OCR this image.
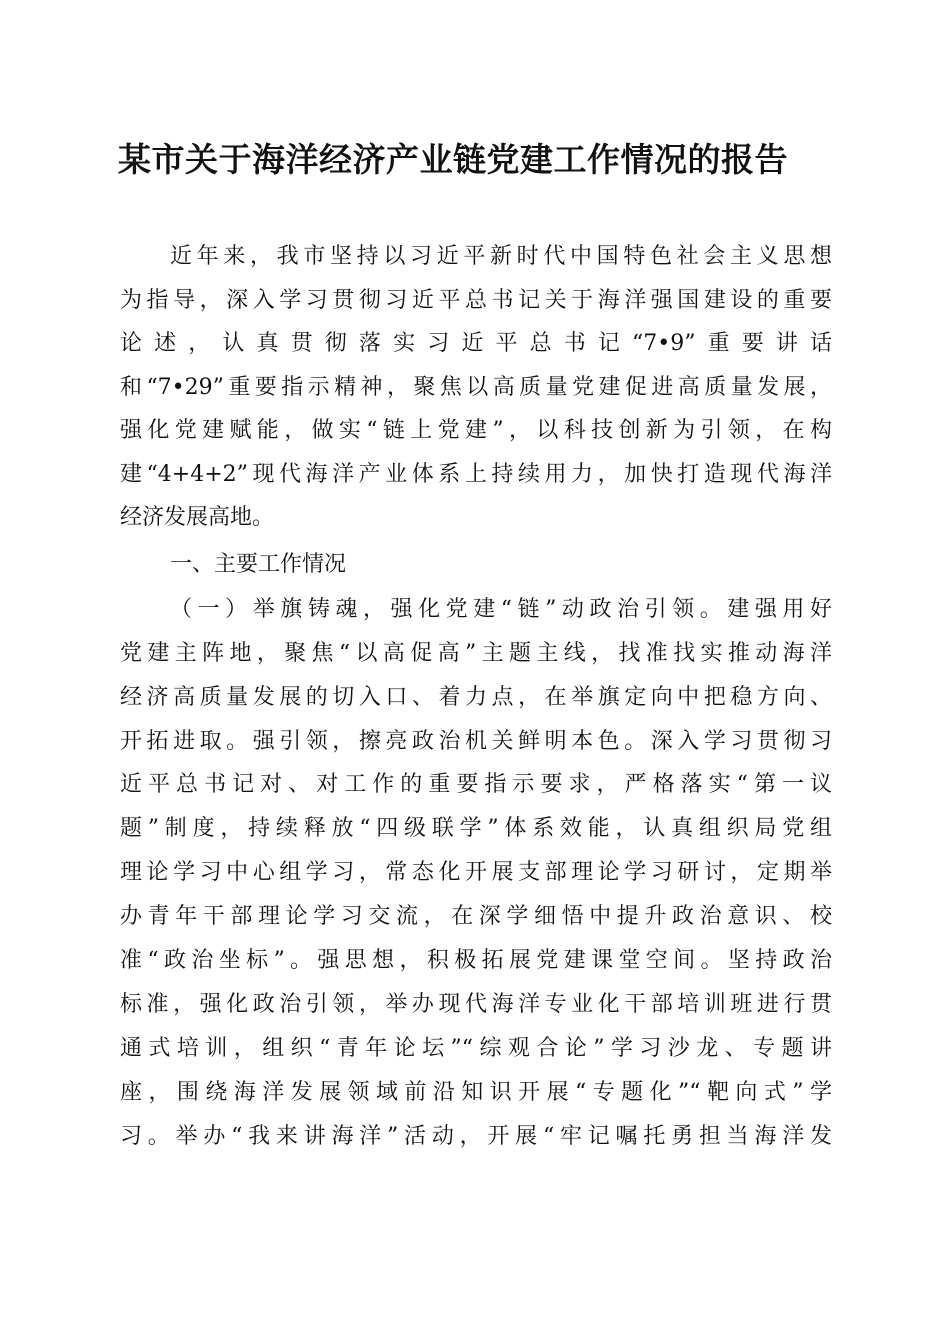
某市关于海洋经济产业链党建工作情况的报告

近年来，我市坚持以习近平新时代中国特色社会主义思想

为指导，深入学习贯彻习近平总书记关于海洋强国建设的重要

论述，认真贯彻落实习近平总书记“7•9”重要讲话

和“7•29”重要指示精神，聚焦以高质量党建促进高质量发展，

强化党建赋能，做实“链上党建”，以科技创新为引领，在构

建“4+4+2”现代海洋产业体系上持续用力，加快打造现代海洋

经济发展高地。

一、主要工作情况

（一）举旗铸魂，强化党建“链”动政治引领。建强用好

党建主阵地，聚焦“以高促高”主题主线，找准找实推动海洋

经济高质量发展的切入口、着力点，在举旗定向中把稳方向、

开拓进取。强引领，擦亮政治机关鲜明本色。深入学习贯彻习

近平总书记对、对工作的重要指示要求，严格落实“第一议

题”制度，持续释放“四级联学”体系效能，认真组织局党组

理论学习中心组学习，常态化开展支部理论学习研讨，定期举

办青年干部理论学习交流，在深学细悟中提升政治意识、校

准“政治坐标”。强思想，积极拓展党建课堂空间。坚持政治

标准，强化政治引领，举办现代海洋专业化干部培训班进行贯

通式培训，组织“青年论坛”“综观合论”学习沙龙、专题讲

座，围绕海洋发展领域前沿知识开展“专题化”“靶向式”学

习。举办“我来讲海洋”活动，开展“牢记嘱托勇担当海洋发
